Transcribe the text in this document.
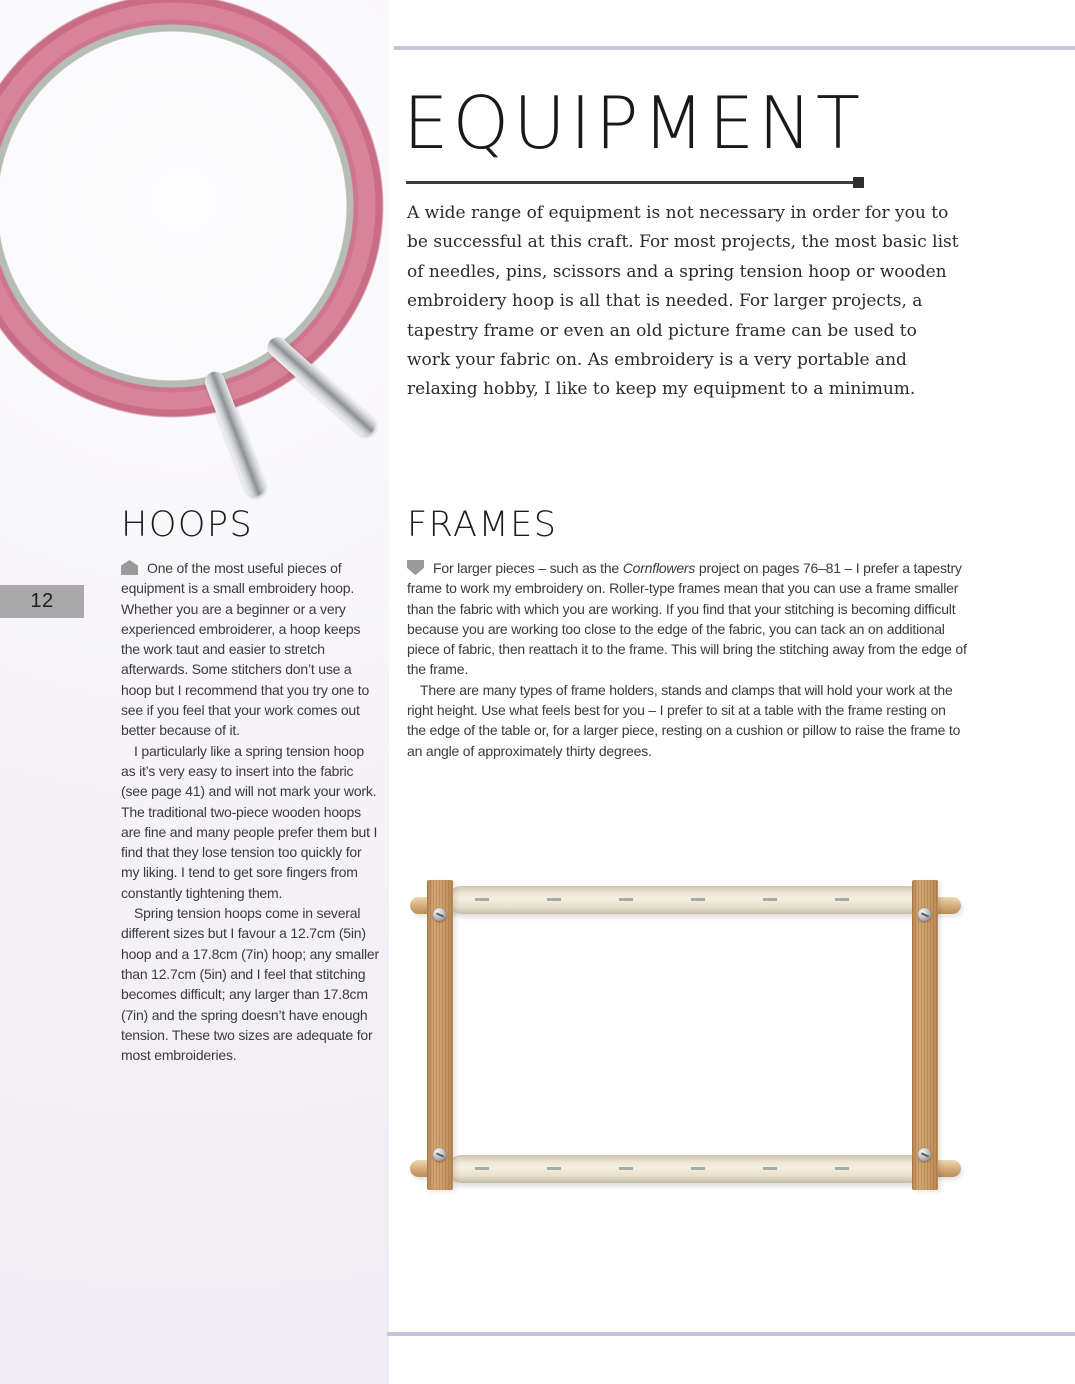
12
EQUIPMENT
A wide range of equipment is not necessary in order for you to be successful at this craft. For most projects, the most basic list of needles, pins, scissors and a spring tension hoop or wooden embroidery hoop is all that is needed. For larger projects, a tapestry frame or even an old picture frame can be used to work your fabric on. As embroidery is a very portable and relaxing hobby, I like to keep my equipment to a minimum.
HOOPS

One of the most useful pieces of equipment is a small embroidery hoop. Whether you are a beginner or a very experienced embroiderer, a hoop keeps the work taut and easier to stretch afterwards. Some stitchers don’t use a hoop but I recommend that you try one to see if you feel that your work comes out better because of it.

I particularly like a spring tension hoop as it’s very easy to insert into the fabric (see page 41) and will not mark your work. The traditional two-piece wooden hoops are fine and many people prefer them but I find that they lose tension too quickly for my liking. I tend to get sore fingers from constantly tightening them.

Spring tension hoops come in several different sizes but I favour a 12.7cm (5in) hoop and a 17.8cm (7in) hoop; any smaller than 12.7cm (5in) and I feel that stitching becomes difficult; any larger than 17.8cm (7in) and the spring doesn’t have enough tension. These two sizes are adequate for most embroideries.

FRAMES

For larger pieces – such as the Cornflowers project on pages 76–81 – I prefer a tapestry frame to work my embroidery on. Roller-type frames mean that you can use a frame smaller than the fabric with which you are working. If you find that your stitching is becoming difficult because you are working too close to the edge of the fabric, you can tack an on additional piece of fabric, then reattach it to the frame. This will bring the stitching away from the edge of the frame.

There are many types of frame holders, stands and clamps that will hold your work at the right height. Use what feels best for you – I prefer to sit at a table with the frame resting on the edge of the table or, for a larger piece, resting on a cushion or pillow to raise the frame to an angle of approximately thirty degrees.
